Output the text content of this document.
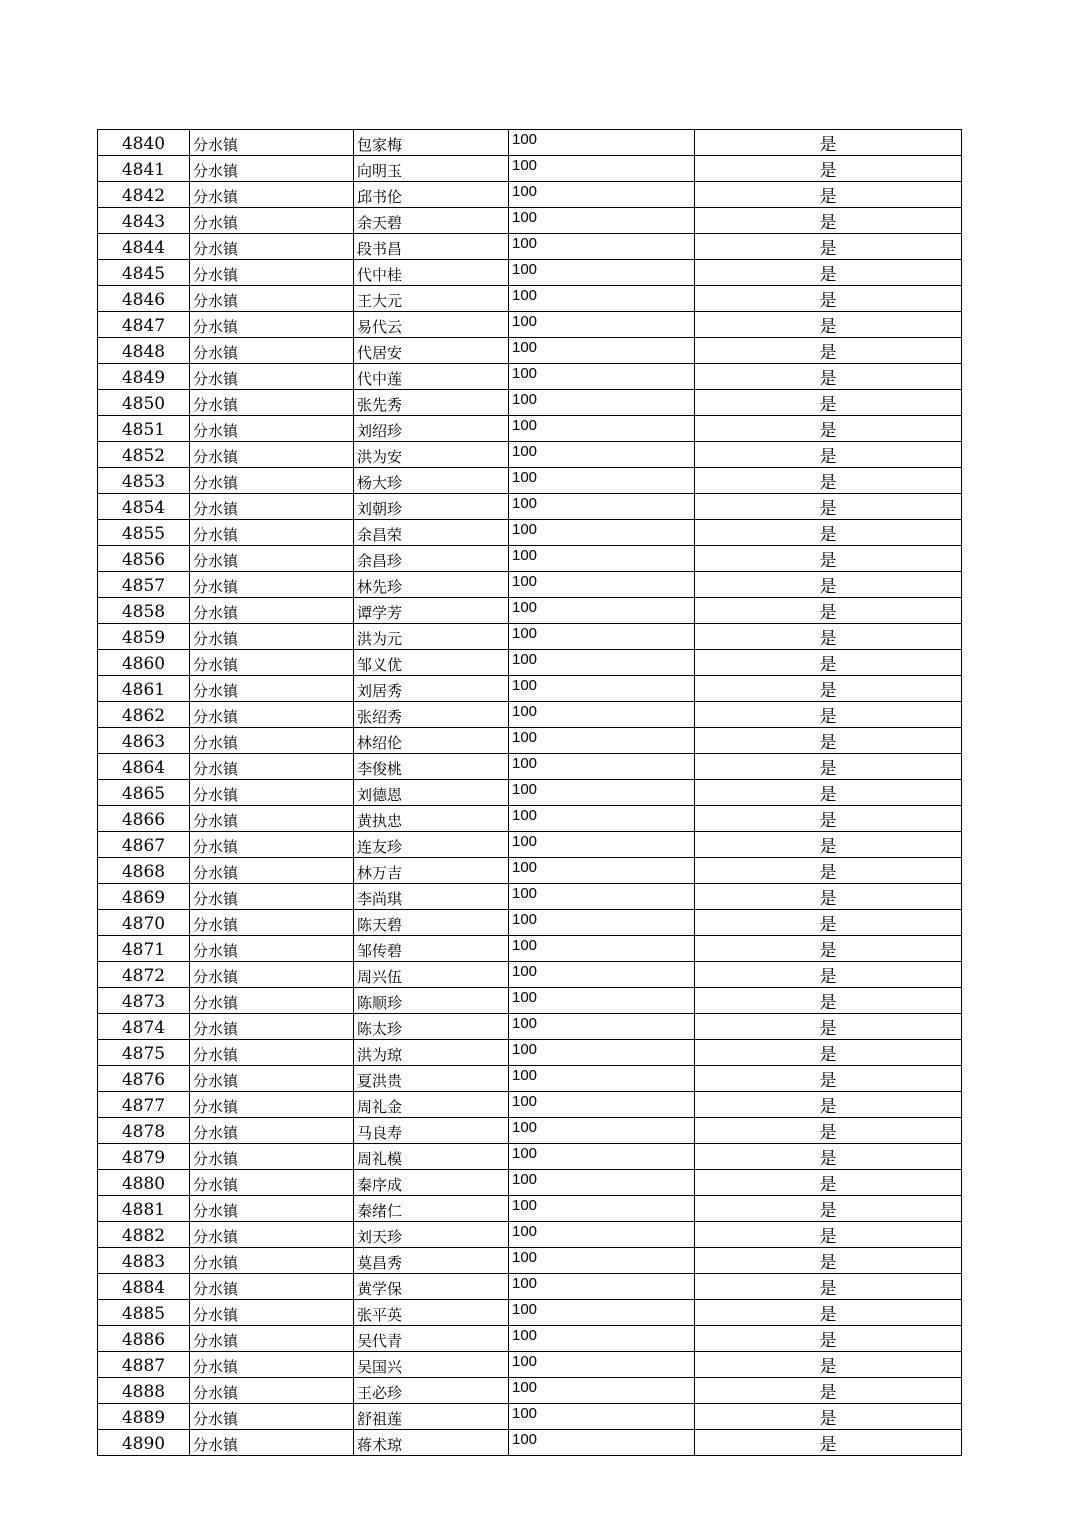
4840	分水镇	包家梅	100	是
4841	分水镇	向明玉	100	是
4842	分水镇	邱书伦	100	是
4843	分水镇	余天碧	100	是
4844	分水镇	段书昌	100	是
4845	分水镇	代中桂	100	是
4846	分水镇	王大元	100	是
4847	分水镇	易代云	100	是
4848	分水镇	代居安	100	是
4849	分水镇	代中莲	100	是
4850	分水镇	张先秀	100	是
4851	分水镇	刘绍珍	100	是
4852	分水镇	洪为安	100	是
4853	分水镇	杨大珍	100	是
4854	分水镇	刘朝珍	100	是
4855	分水镇	余昌荣	100	是
4856	分水镇	余昌珍	100	是
4857	分水镇	林先珍	100	是
4858	分水镇	谭学芳	100	是
4859	分水镇	洪为元	100	是
4860	分水镇	邹义优	100	是
4861	分水镇	刘居秀	100	是
4862	分水镇	张绍秀	100	是
4863	分水镇	林绍伦	100	是
4864	分水镇	李俊桃	100	是
4865	分水镇	刘德恩	100	是
4866	分水镇	黄执忠	100	是
4867	分水镇	连友珍	100	是
4868	分水镇	林万吉	100	是
4869	分水镇	李尚琪	100	是
4870	分水镇	陈天碧	100	是
4871	分水镇	邹传碧	100	是
4872	分水镇	周兴伍	100	是
4873	分水镇	陈顺珍	100	是
4874	分水镇	陈太珍	100	是
4875	分水镇	洪为琼	100	是
4876	分水镇	夏洪贵	100	是
4877	分水镇	周礼金	100	是
4878	分水镇	马良寿	100	是
4879	分水镇	周礼模	100	是
4880	分水镇	秦序成	100	是
4881	分水镇	秦绪仁	100	是
4882	分水镇	刘天珍	100	是
4883	分水镇	莫昌秀	100	是
4884	分水镇	黄学保	100	是
4885	分水镇	张平英	100	是
4886	分水镇	吴代青	100	是
4887	分水镇	吴国兴	100	是
4888	分水镇	王必珍	100	是
4889	分水镇	舒祖莲	100	是
4890	分水镇	蒋术琼	100	是
